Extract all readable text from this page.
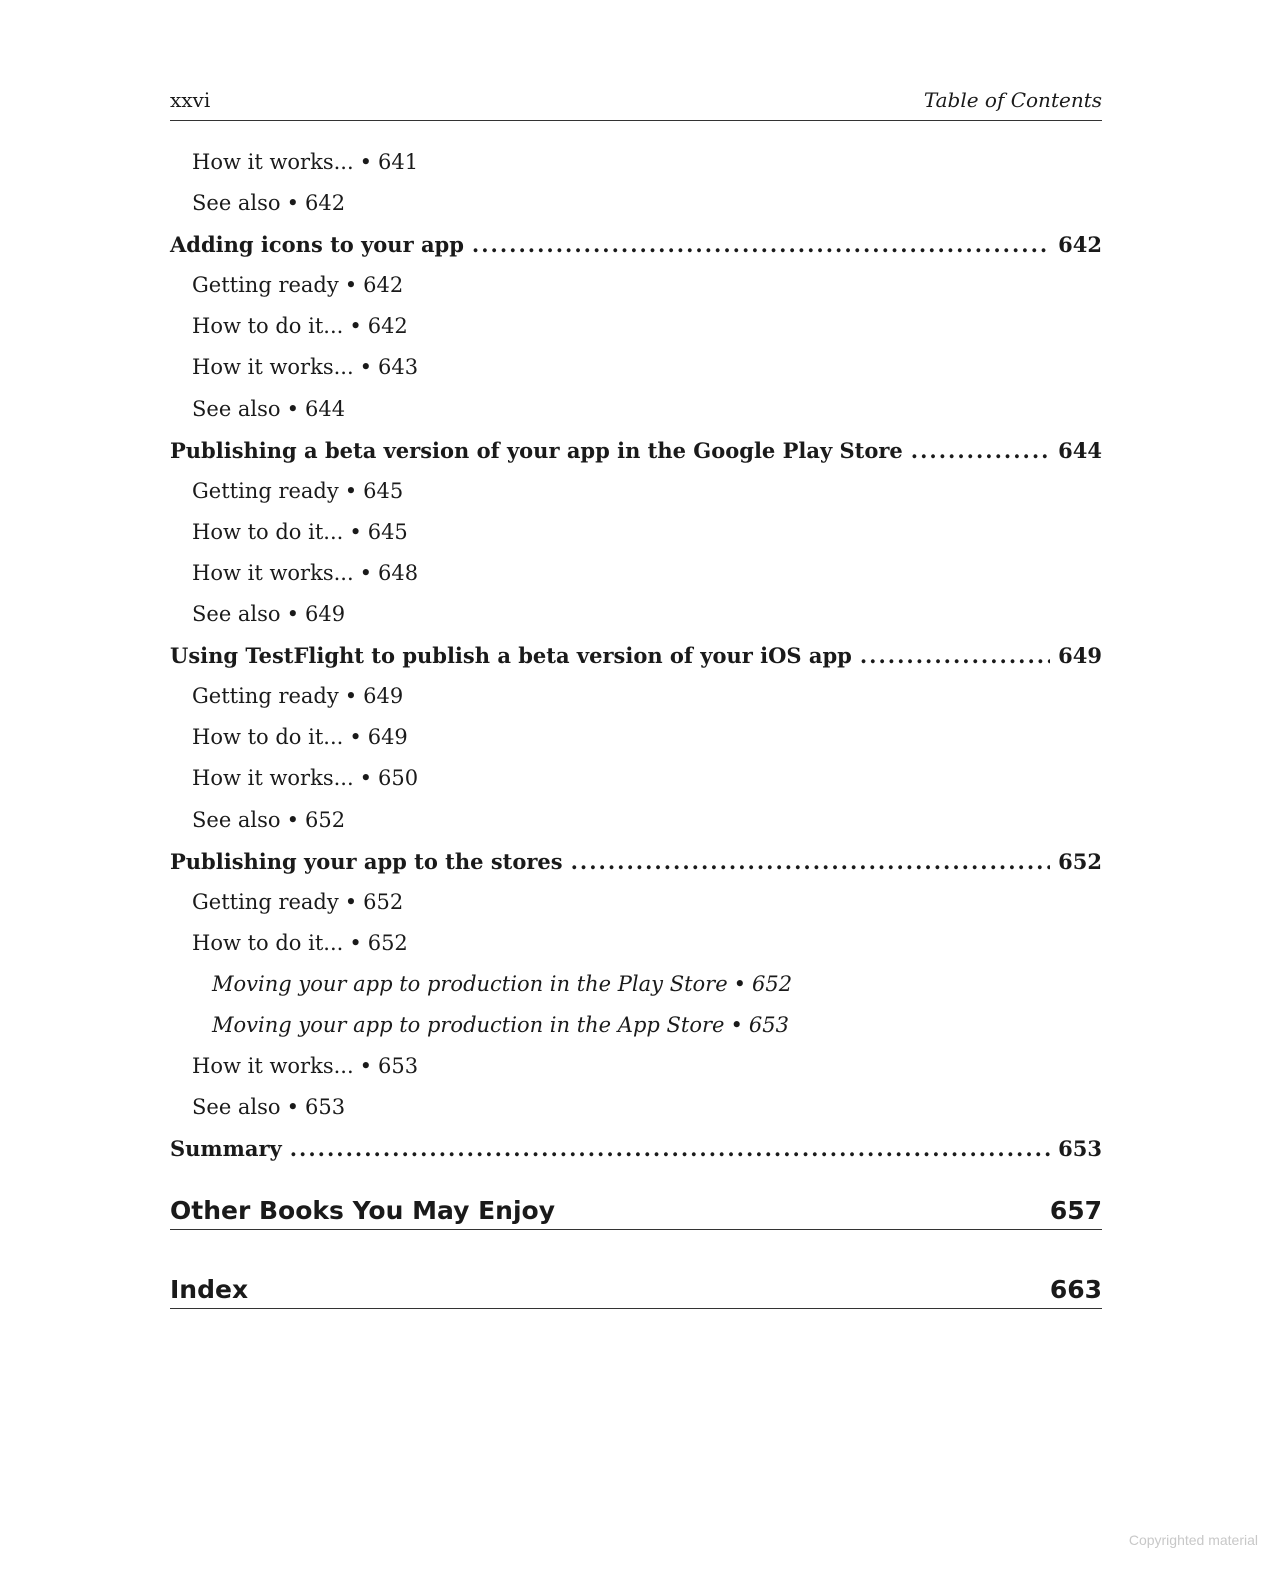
xxvi	Table of Contents
How it works... • 641
See also • 642
Adding icons to your app .....	642
Getting ready • 642
How to do it... • 642
How it works... • 643
See also • 644
Publishing a beta version of your app in the Google Play Store .....	644
Getting ready • 645
How to do it... • 645
How it works... • 648
See also • 649
Using TestFlight to publish a beta version of your iOS app .....	649
Getting ready • 649
How to do it... • 649
How it works... • 650
See also • 652
Publishing your app to the stores .....	652
Getting ready • 652
How to do it... • 652
Moving your app to production in the Play Store • 652
Moving your app to production in the App Store • 653
How it works... • 653
See also • 653
Summary .....	653
Other Books You May Enjoy	657
Index	663
Copyrighted material
